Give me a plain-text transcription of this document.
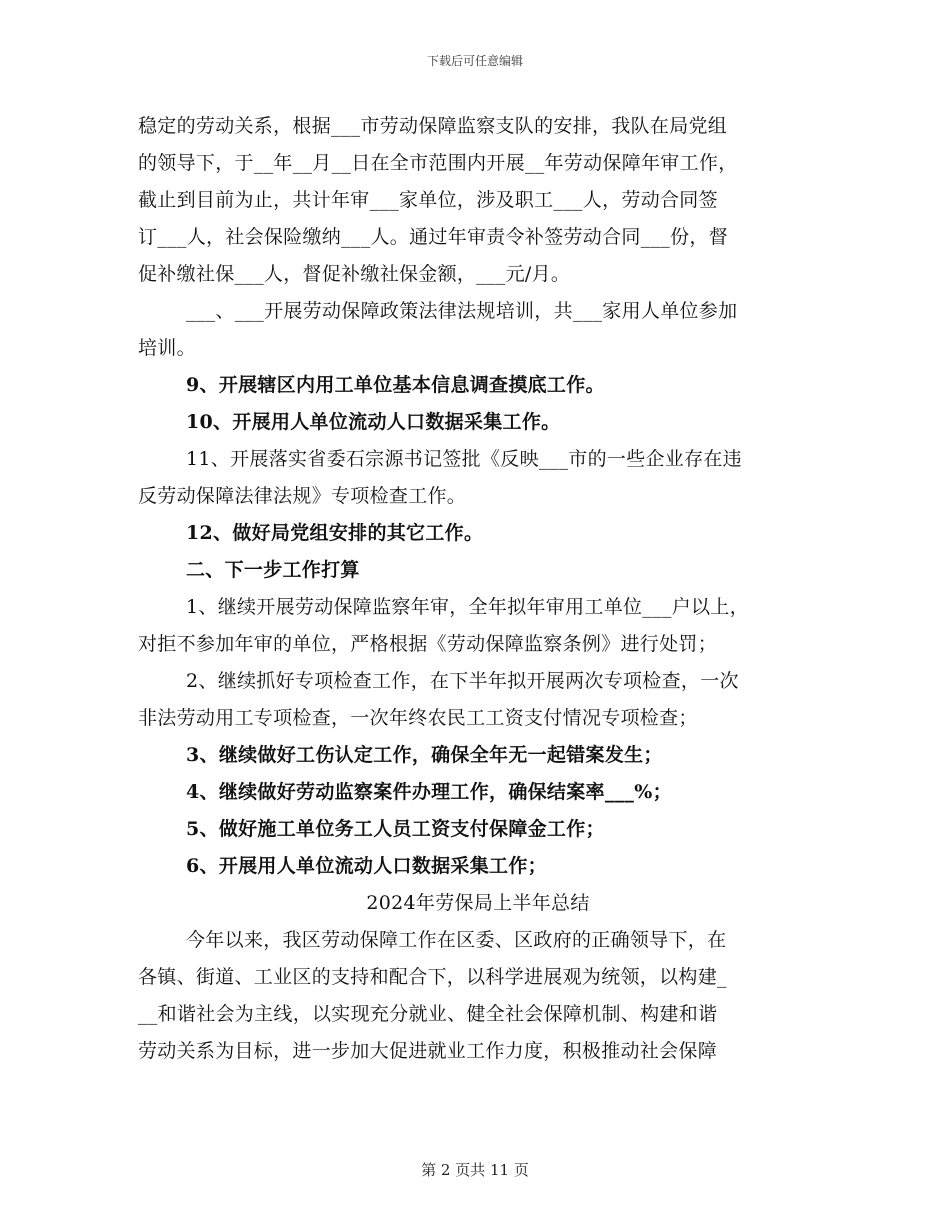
下载后可任意编辑

稳定的劳动关系，根据___市劳动保障监察支队的安排，我队在局党组

的领导下，于__年__月__日在全市范围内开展__年劳动保障年审工作，

截止到目前为止，共计年审___家单位，涉及职工___人，劳动合同签

订___人，社会保险缴纳___人。通过年审责令补签劳动合同___份，督

促补缴社保___人，督促补缴社保金额，___元/月。

___、___开展劳动保障政策法律法规培训，共___家用人单位参加

培训。

9、开展辖区内用工单位基本信息调查摸底工作。

10、开展用人单位流动人口数据采集工作。

11、开展落实省委石宗源书记签批《反映___市的一些企业存在违

反劳动保障法律法规》专项检查工作。

12、做好局党组安排的其它工作。

二、下一步工作打算

1、继续开展劳动保障监察年审，全年拟年审用工单位___户以上，

对拒不参加年审的单位，严格根据《劳动保障监察条例》进行处罚；

2、继续抓好专项检查工作，在下半年拟开展两次专项检查，一次

非法劳动用工专项检查，一次年终农民工工资支付情况专项检查；

3、继续做好工伤认定工作，确保全年无一起错案发生；

4、继续做好劳动监察案件办理工作，确保结案率___%；

5、做好施工单位务工人员工资支付保障金工作；

6、开展用人单位流动人口数据采集工作；

2024年劳保局上半年总结

今年以来，我区劳动保障工作在区委、区政府的正确领导下，在

各镇、街道、工业区的支持和配合下，以科学进展观为统领，以构建_

__和谐社会为主线，以实现充分就业、健全社会保障机制、构建和谐

劳动关系为目标，进一步加大促进就业工作力度，积极推动社会保障

第 2 页共 11 页
